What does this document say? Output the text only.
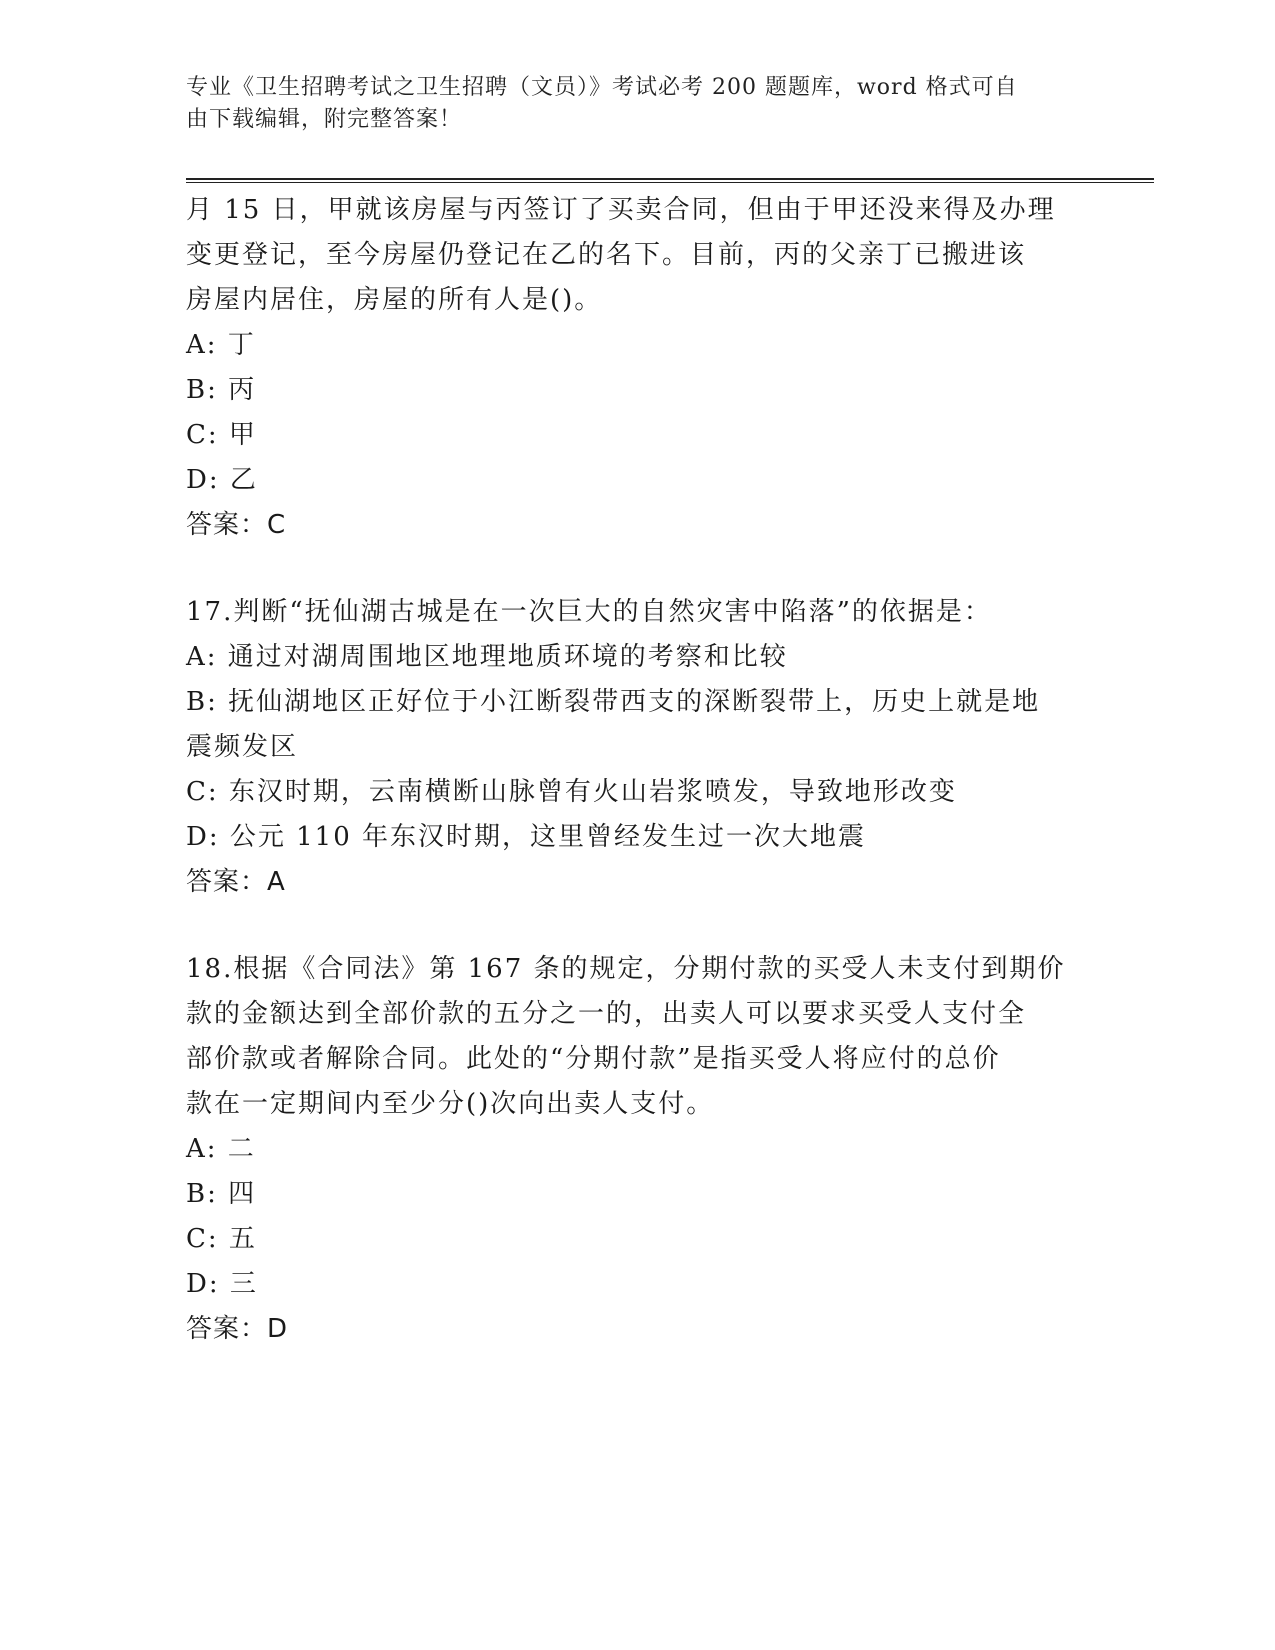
专业《卫生招聘考试之卫生招聘（文员）》考试必考 200 题题库，word 格式可自
由下载编辑，附完整答案！
月 15 日，甲就该房屋与丙签订了买卖合同，但由于甲还没来得及办理
变更登记，至今房屋仍登记在乙的名下。目前，丙的父亲丁已搬进该
房屋内居住，房屋的所有人是()。
A: 丁
B: 丙
C: 甲
D: 乙
答案：C
17.判断“抚仙湖古城是在一次巨大的自然灾害中陷落”的依据是：
A: 通过对湖周围地区地理地质环境的考察和比较
B: 抚仙湖地区正好位于小江断裂带西支的深断裂带上，历史上就是地
震频发区
C: 东汉时期，云南横断山脉曾有火山岩浆喷发，导致地形改变
D: 公元 110 年东汉时期，这里曾经发生过一次大地震
答案：A
18.根据《合同法》第 167 条的规定，分期付款的买受人未支付到期价
款的金额达到全部价款的五分之一的，出卖人可以要求买受人支付全
部价款或者解除合同。此处的“分期付款”是指买受人将应付的总价
款在一定期间内至少分()次向出卖人支付。
A: 二
B: 四
C: 五
D: 三
答案：D
